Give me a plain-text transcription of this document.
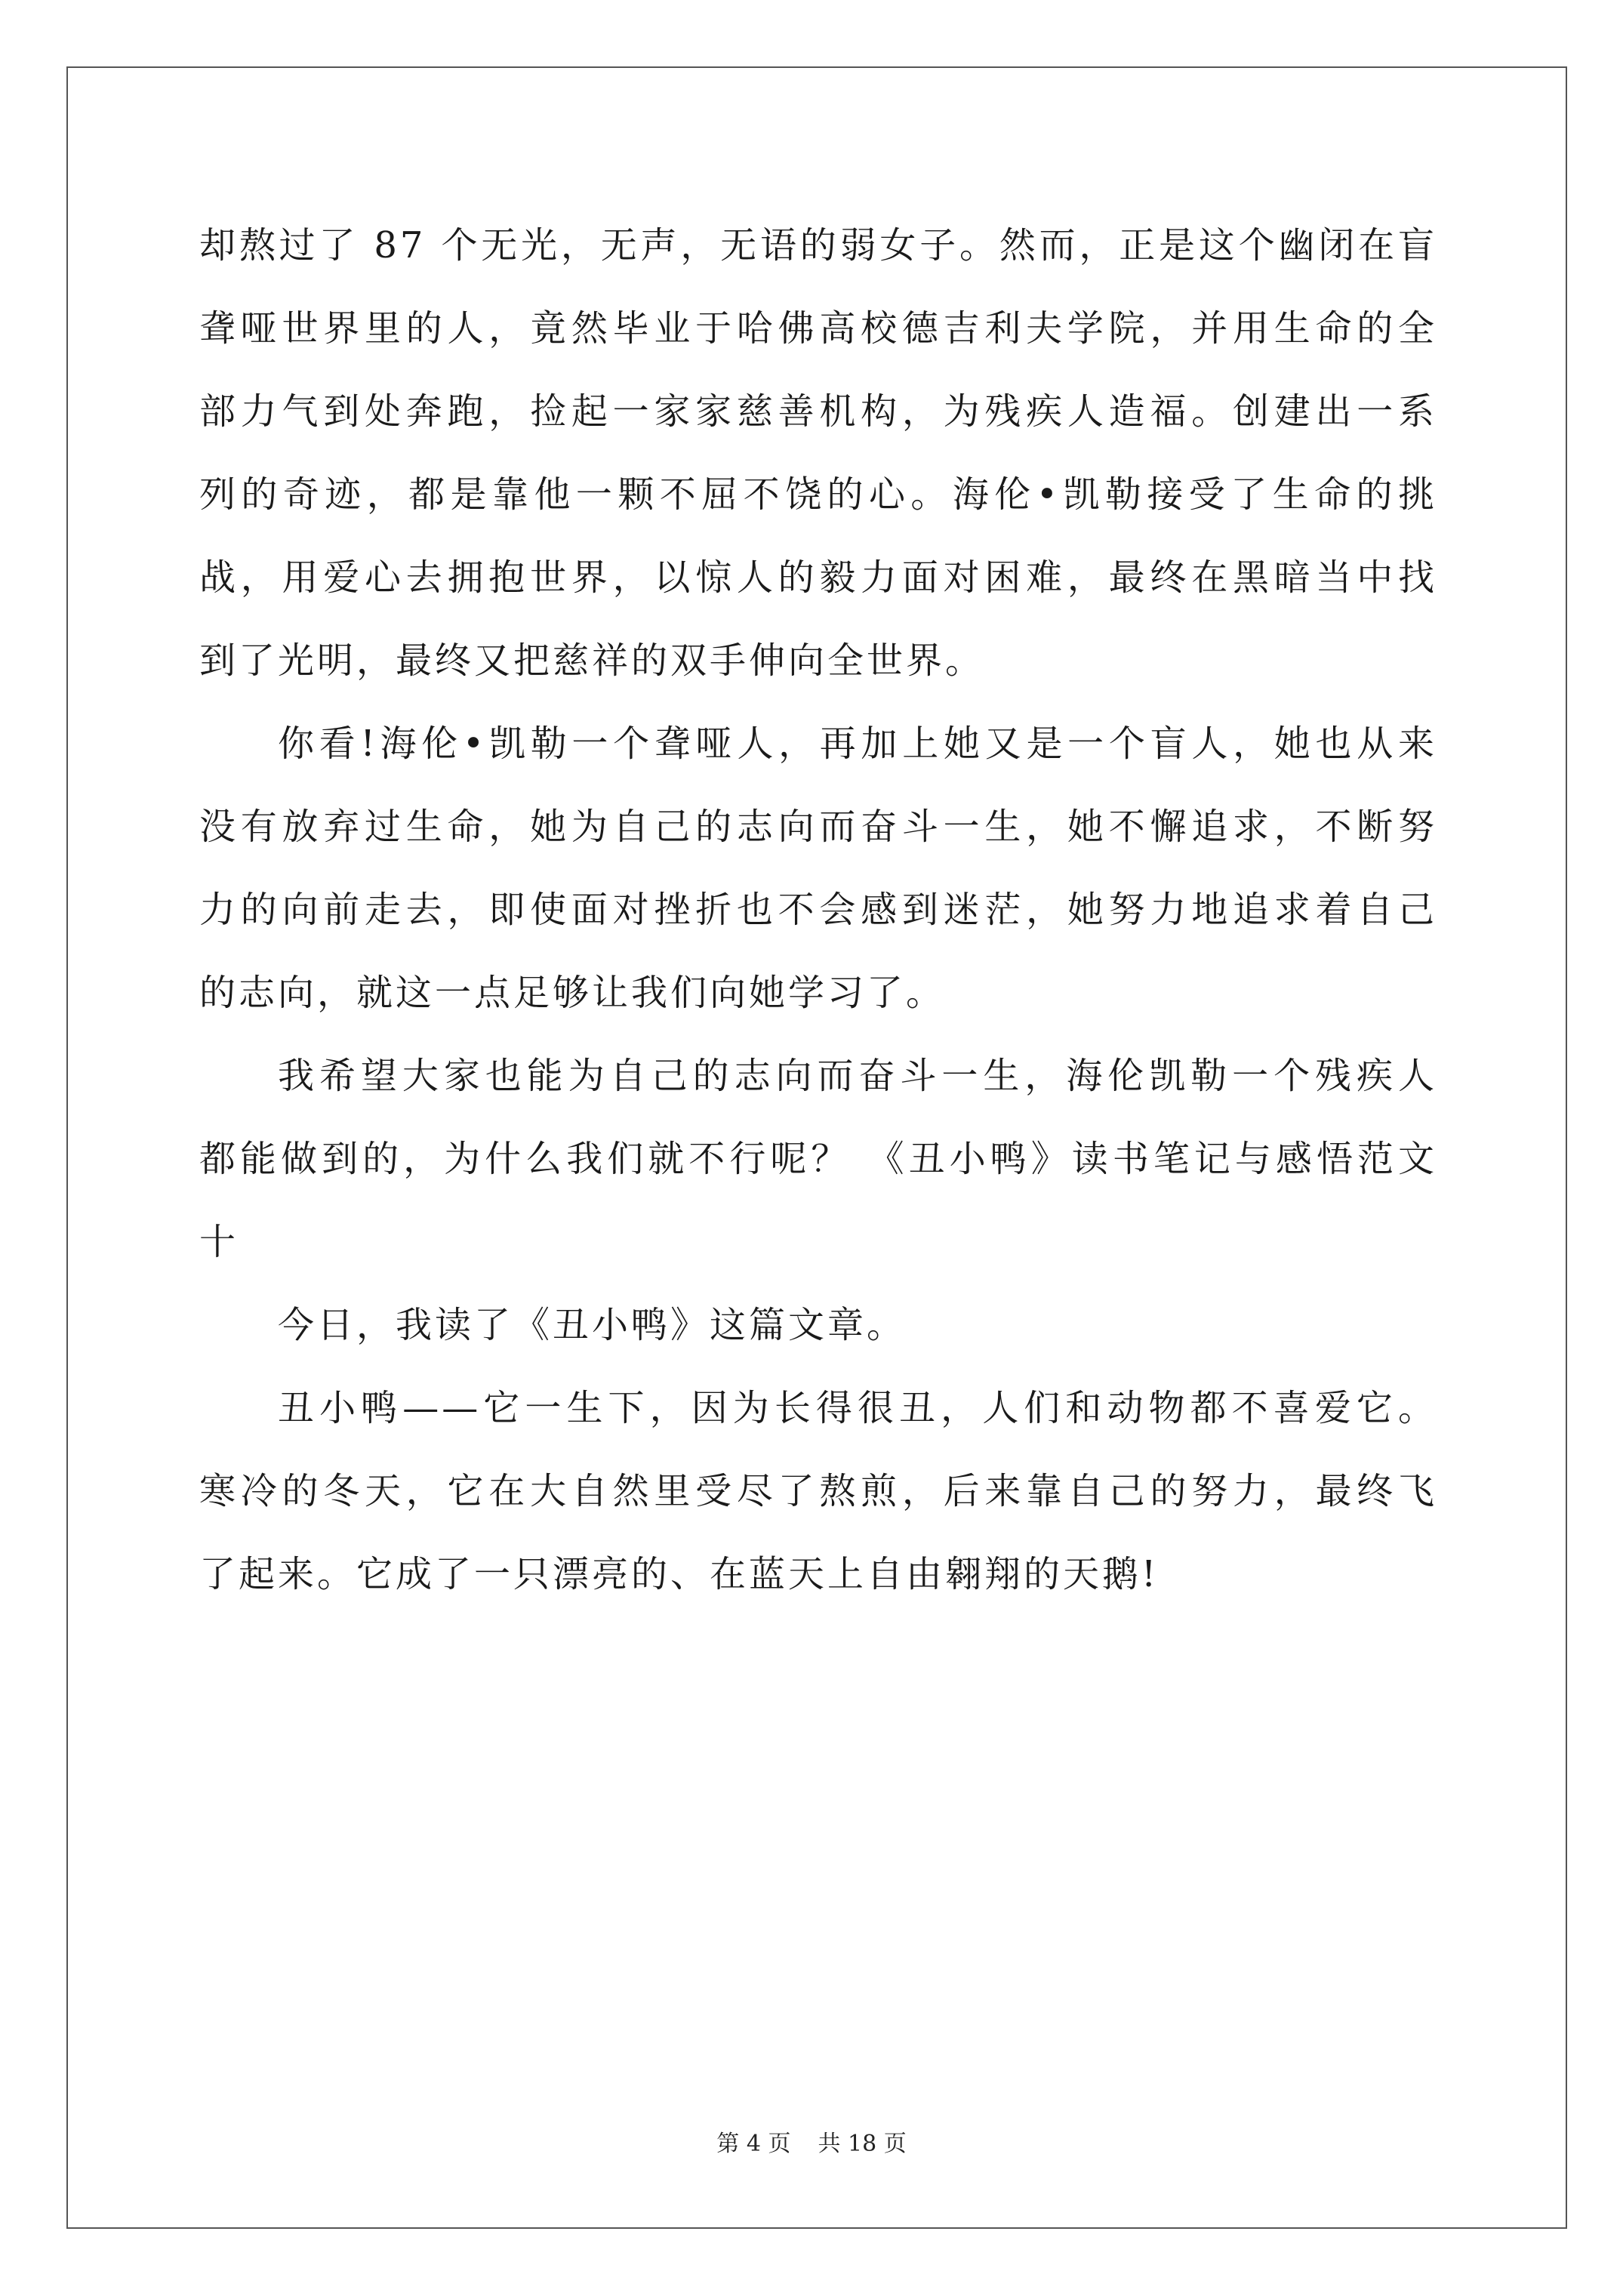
却熬过了 87 个无光，无声，无语的弱女子。然而，正是这个幽闭在盲
聋哑世界里的人，竟然毕业于哈佛高校德吉利夫学院，并用生命的全
部力气到处奔跑，捡起一家家慈善机构，为残疾人造福。创建出一系
列的奇迹，都是靠他一颗不屈不饶的心。海伦•凯勒接受了生命的挑
战，用爱心去拥抱世界，以惊人的毅力面对困难，最终在黑暗当中找
到了光明，最终又把慈祥的双手伸向全世界。
你看!海伦•凯勒一个聋哑人，再加上她又是一个盲人，她也从来
没有放弃过生命，她为自己的志向而奋斗一生，她不懈追求，不断努
力的向前走去，即使面对挫折也不会感到迷茫，她努力地追求着自己
的志向，就这一点足够让我们向她学习了。
我希望大家也能为自己的志向而奋斗一生，海伦凯勒一个残疾人
都能做到的，为什么我们就不行呢？ 《丑小鸭》读书笔记与感悟范文
十
今日，我读了《丑小鸭》这篇文章。
丑小鸭——它一生下，因为长得很丑，人们和动物都不喜爱它。
寒冷的冬天，它在大自然里受尽了熬煎，后来靠自己的努力，最终飞
了起来。它成了一只漂亮的、在蓝天上自由翱翔的天鹅!
第 4 页 共 18 页
